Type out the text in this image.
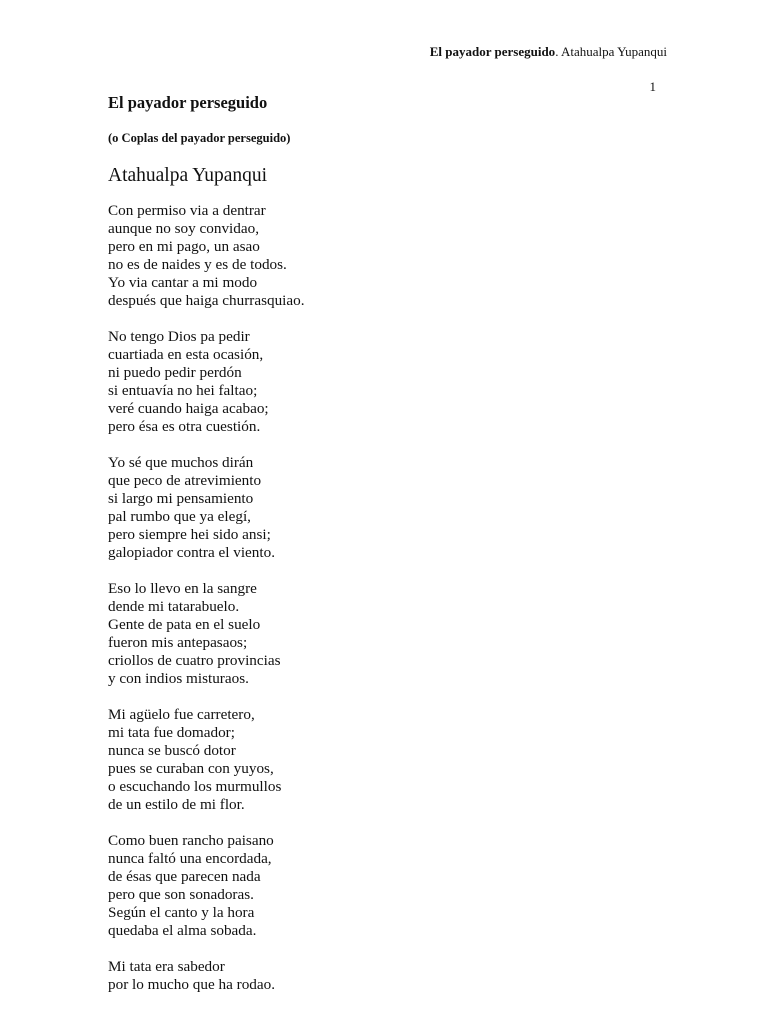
El payador perseguido. Atahualpa Yupanqui
1
El payador perseguido
(o Coplas del payador perseguido)
Atahualpa Yupanqui
Con permiso via a dentrar
aunque no soy convidao,
pero en mi pago, un asao
no es de naides y es de todos.
Yo via cantar a mi modo
después que haiga churrasquiao.
No tengo Dios pa pedir
cuartiada en esta ocasión,
ni puedo pedir perdón
si entuavía no hei faltao;
veré cuando haiga acabao;
pero ésa es otra cuestión.
Yo sé que muchos dirán
que peco de atrevimiento
si largo mi pensamiento
pal rumbo que ya elegí,
pero siempre hei sido ansi;
galopiador contra el viento.
Eso lo llevo en la sangre
dende mi tatarabuelo.
Gente de pata en el suelo
fueron mis antepasaos;
criollos de cuatro provincias
y con indios misturaos.
Mi agüelo fue carretero,
mi tata fue domador;
nunca se buscó dotor
pues se curaban con yuyos,
o escuchando los murmullos
de un estilo de mi flor.
Como buen rancho paisano
nunca faltó una encordada,
de ésas que parecen nada
pero que son sonadoras.
Según el canto y la hora
quedaba el alma sobada.
Mi tata era sabedor
por lo mucho que ha rodao.
